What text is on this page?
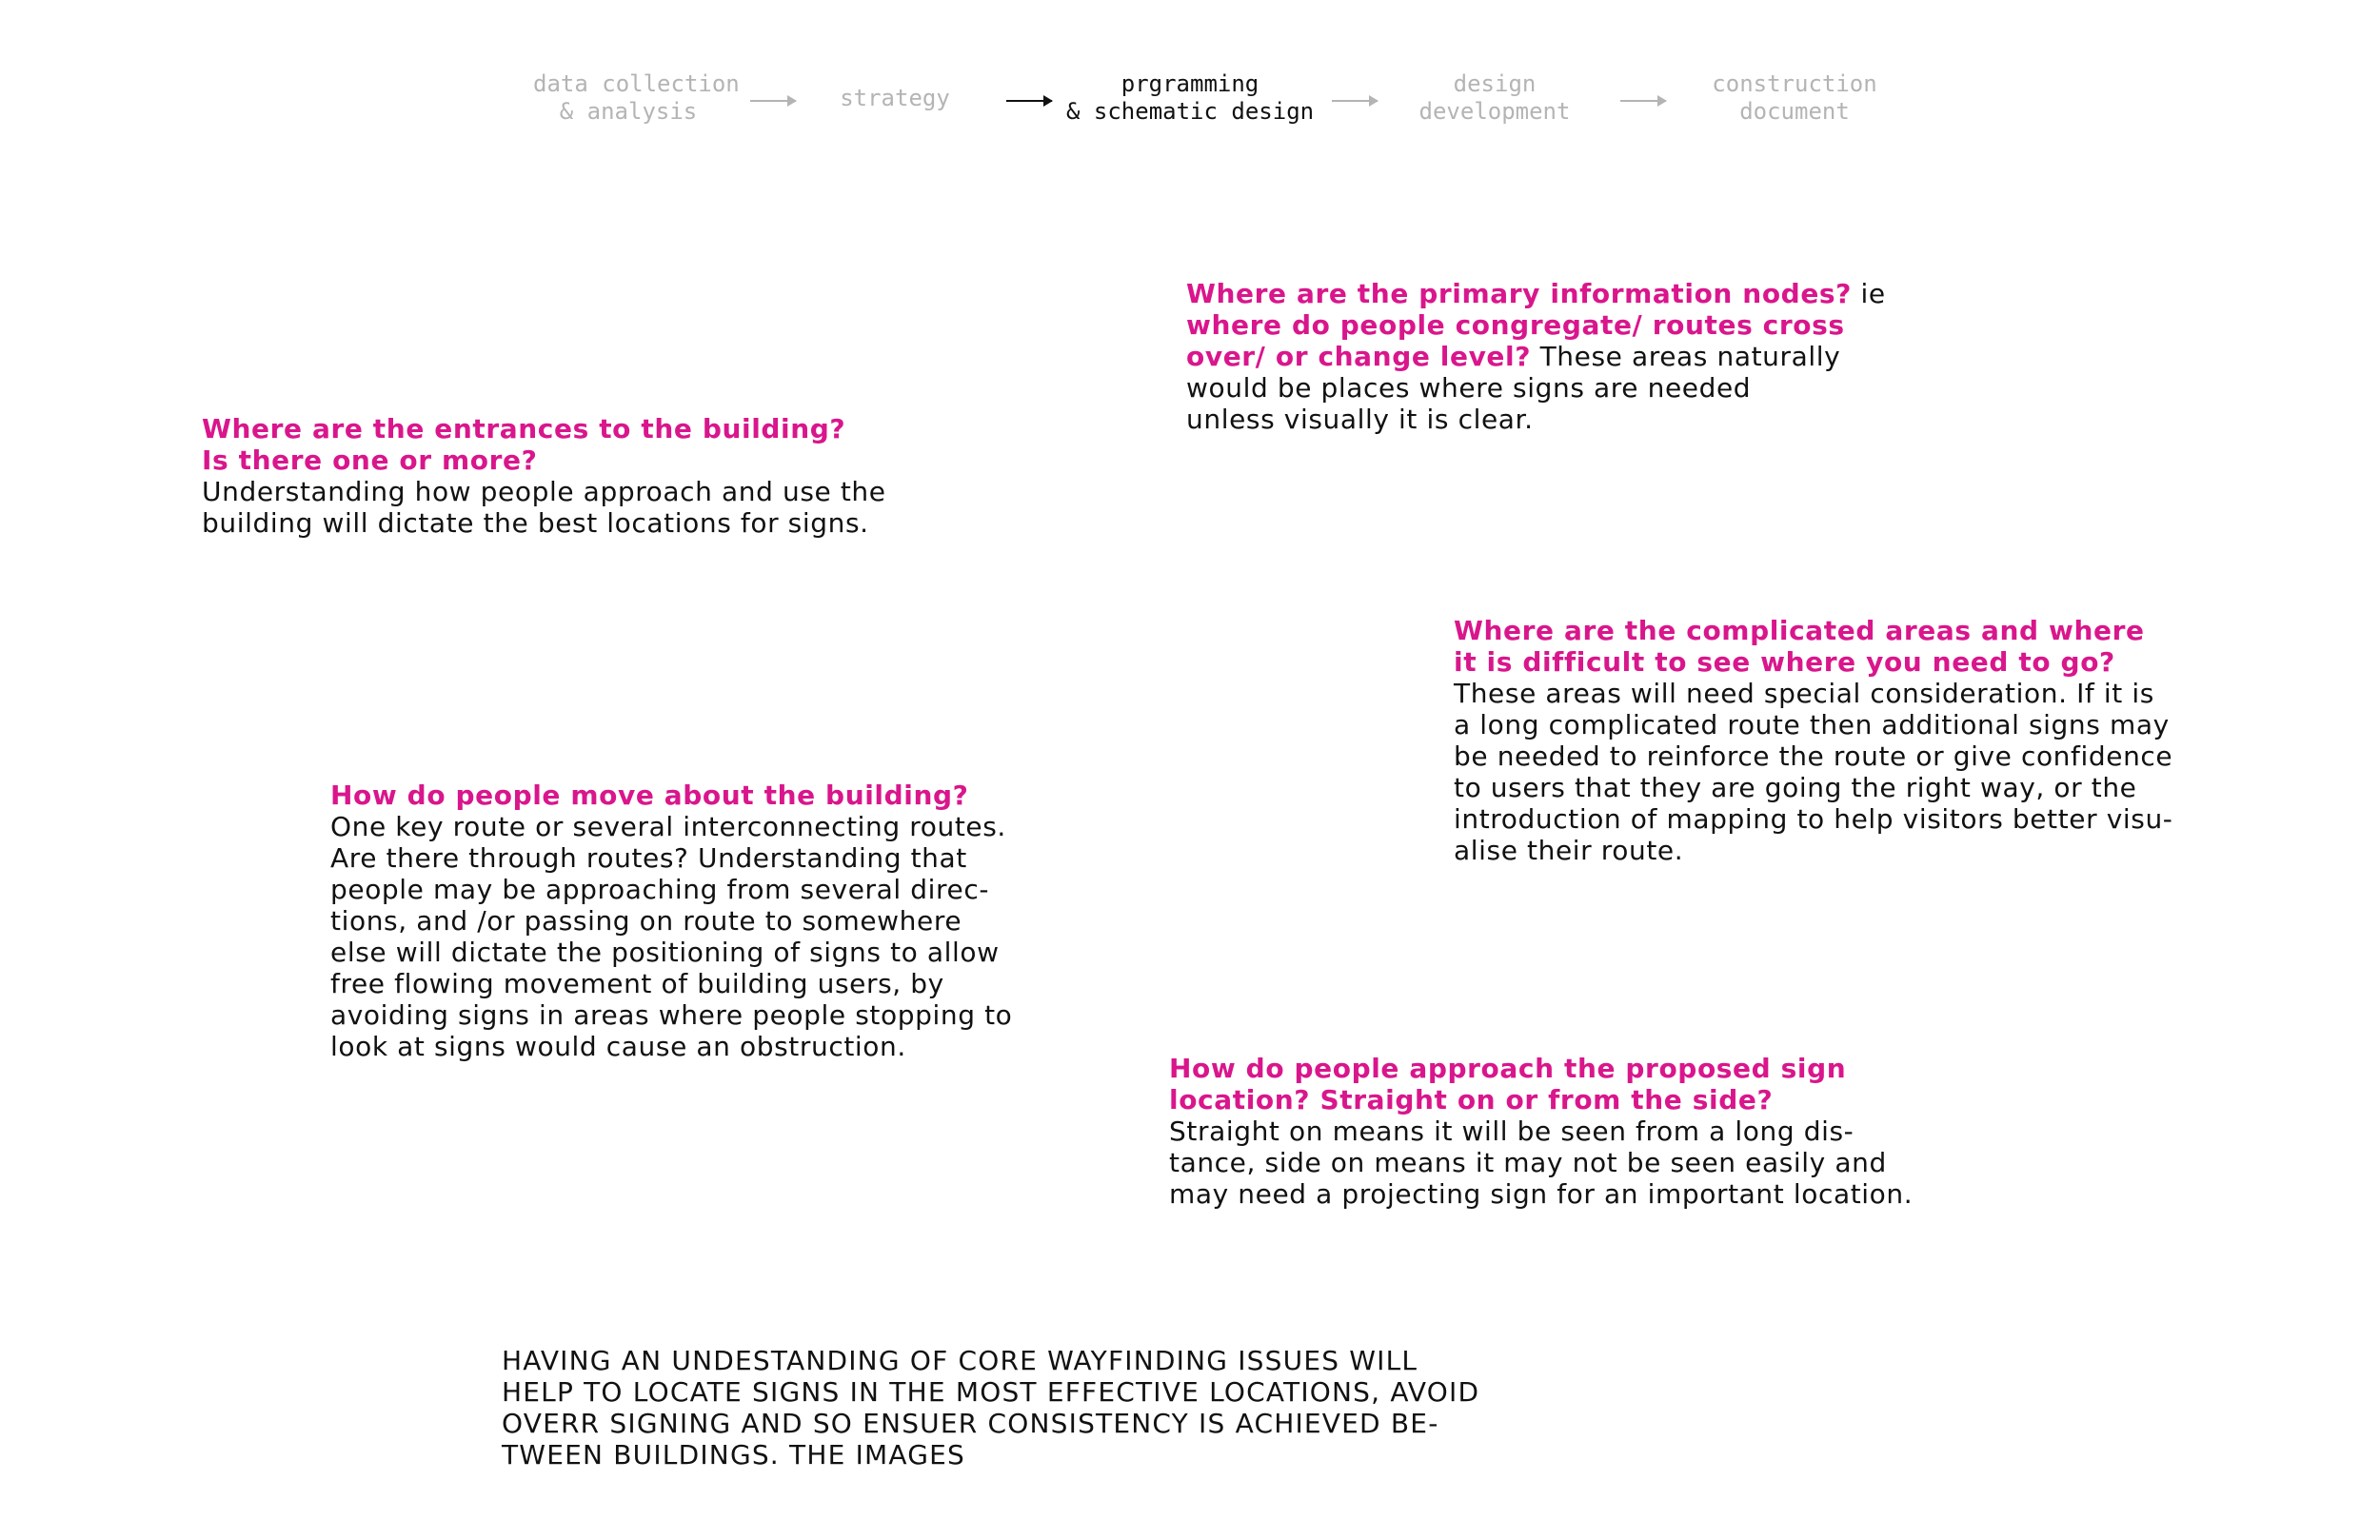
data collection
& analysis	strategy
prgramming
& schematic design
design
development
construction
document
Where are the entrances to the building?
Is there one or more?
Understanding how people approach and use the
building will dictate the best locations for signs.
Where are the primary information nodes? ie
where do people congregate/ routes cross
over/ or change level? These areas naturally
would be places where signs are needed
unless visually it is clear.
Where are the complicated areas and where
it is difficult to see where you need to go?
These areas will need special consideration. If it is
a long complicated route then additional signs may
be needed to reinforce the route or give confidence
to users that they are going the right way, or the
introduction of mapping to help visitors better visu-
alise their route.
How do people move about the building?
One key route or several interconnecting routes.
Are there through routes? Understanding that
people may be approaching from several direc-
tions, and /or passing on route to somewhere
else will dictate the positioning of signs to allow
free flowing movement of building users, by
avoiding signs in areas where people stopping to
look at signs would cause an obstruction.
How do people approach the proposed sign
location? Straight on or from the side?
Straight on means it will be seen from a long dis-
tance, side on means it may not be seen easily and
may need a projecting sign for an important location.
HAVING AN UNDESTANDING OF CORE WAYFINDING ISSUES WILL
HELP TO LOCATE SIGNS IN THE MOST EFFECTIVE LOCATIONS, AVOID
OVERR SIGNING AND SO ENSUER CONSISTENCY IS ACHIEVED BE-
TWEEN BUILDINGS. THE IMAGES
